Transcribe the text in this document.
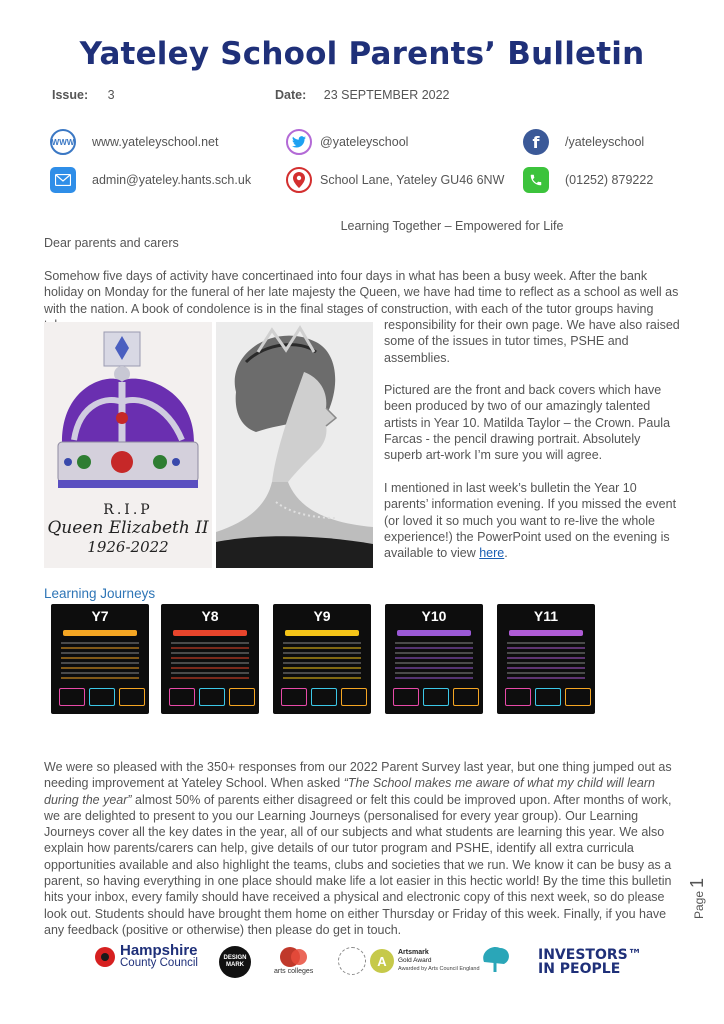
Yateley School Parents’ Bulletin
Issue: 3	Date: 23 SEPTEMBER 2022
WWW www.yateleyschool.net	@yateleyschool	f	/yateleyschool
admin@yateley.hants.sch.uk	School Lane, Yateley GU46 6NW	(01252) 879222
Learning Together – Empowered for Life
Dear parents and carers
Somehow five days of activity have concertinaed into four days in what has been a busy week. After the bank holiday on Monday for the funeral of her late majesty the Queen, we have had time to reflect as a school as well as with the nation. A book of condolence is in the final stages of construction, with each of the tutor groups having
R.I.P
Queen Elizabeth II
1926-2022
responsibility for their own page. We have also raised some of the issues in tutor times, PSHE and assemblies.
Pictured are the front and back covers which have been produced by two of our amazingly talented artists in Year 10. Matilda Taylor – the Crown. Paula Farcas - the pencil drawing portrait. Absolutely superb art-work I’m sure you will agree.
I mentioned in last week’s bulletin the Year 10 parents’ information evening. If you missed the event (or loved it so much you want to re-live the whole experience!) the PowerPoint used on the evening is available to view here.
Learning Journeys
Y7	Y8	Y9	Y10	Y11
We were so pleased with the 350+ responses from our 2022 Parent Survey last year, but one thing jumped out as needing improvement at Yateley School. When asked “The School makes me aware of what my child will learn during the year” almost 50% of parents either disagreed or felt this could be improved upon. After months of work, we are delighted to present to you our Learning Journeys (personalised for every year group). Our Learning Journeys cover all the key dates in the year, all of our subjects and what students are learning this year. We also explain how parents/carers can help, give details of our tutor program and PSHE, identify all extra curricula opportunities available and also highlight the teams, clubs and societies that we run. We know it can be busy as a parent, so having everything in one place should make life a lot easier in this hectic world! By the time this bulletin hits your inbox, every family should have received a physical and electronic copy of this next week, so do please look out. Students should have brought them home on either Thursday or Friday of this week. Finally, if you have any feedback (positive or otherwise) then please do get in touch.
Hampshire
County Council	DESIGN MARK
arts colleges
A
Artsmark
Gold Award
Awarded by Arts Council England
INVESTORS™
IN PEOPLE
Page1
